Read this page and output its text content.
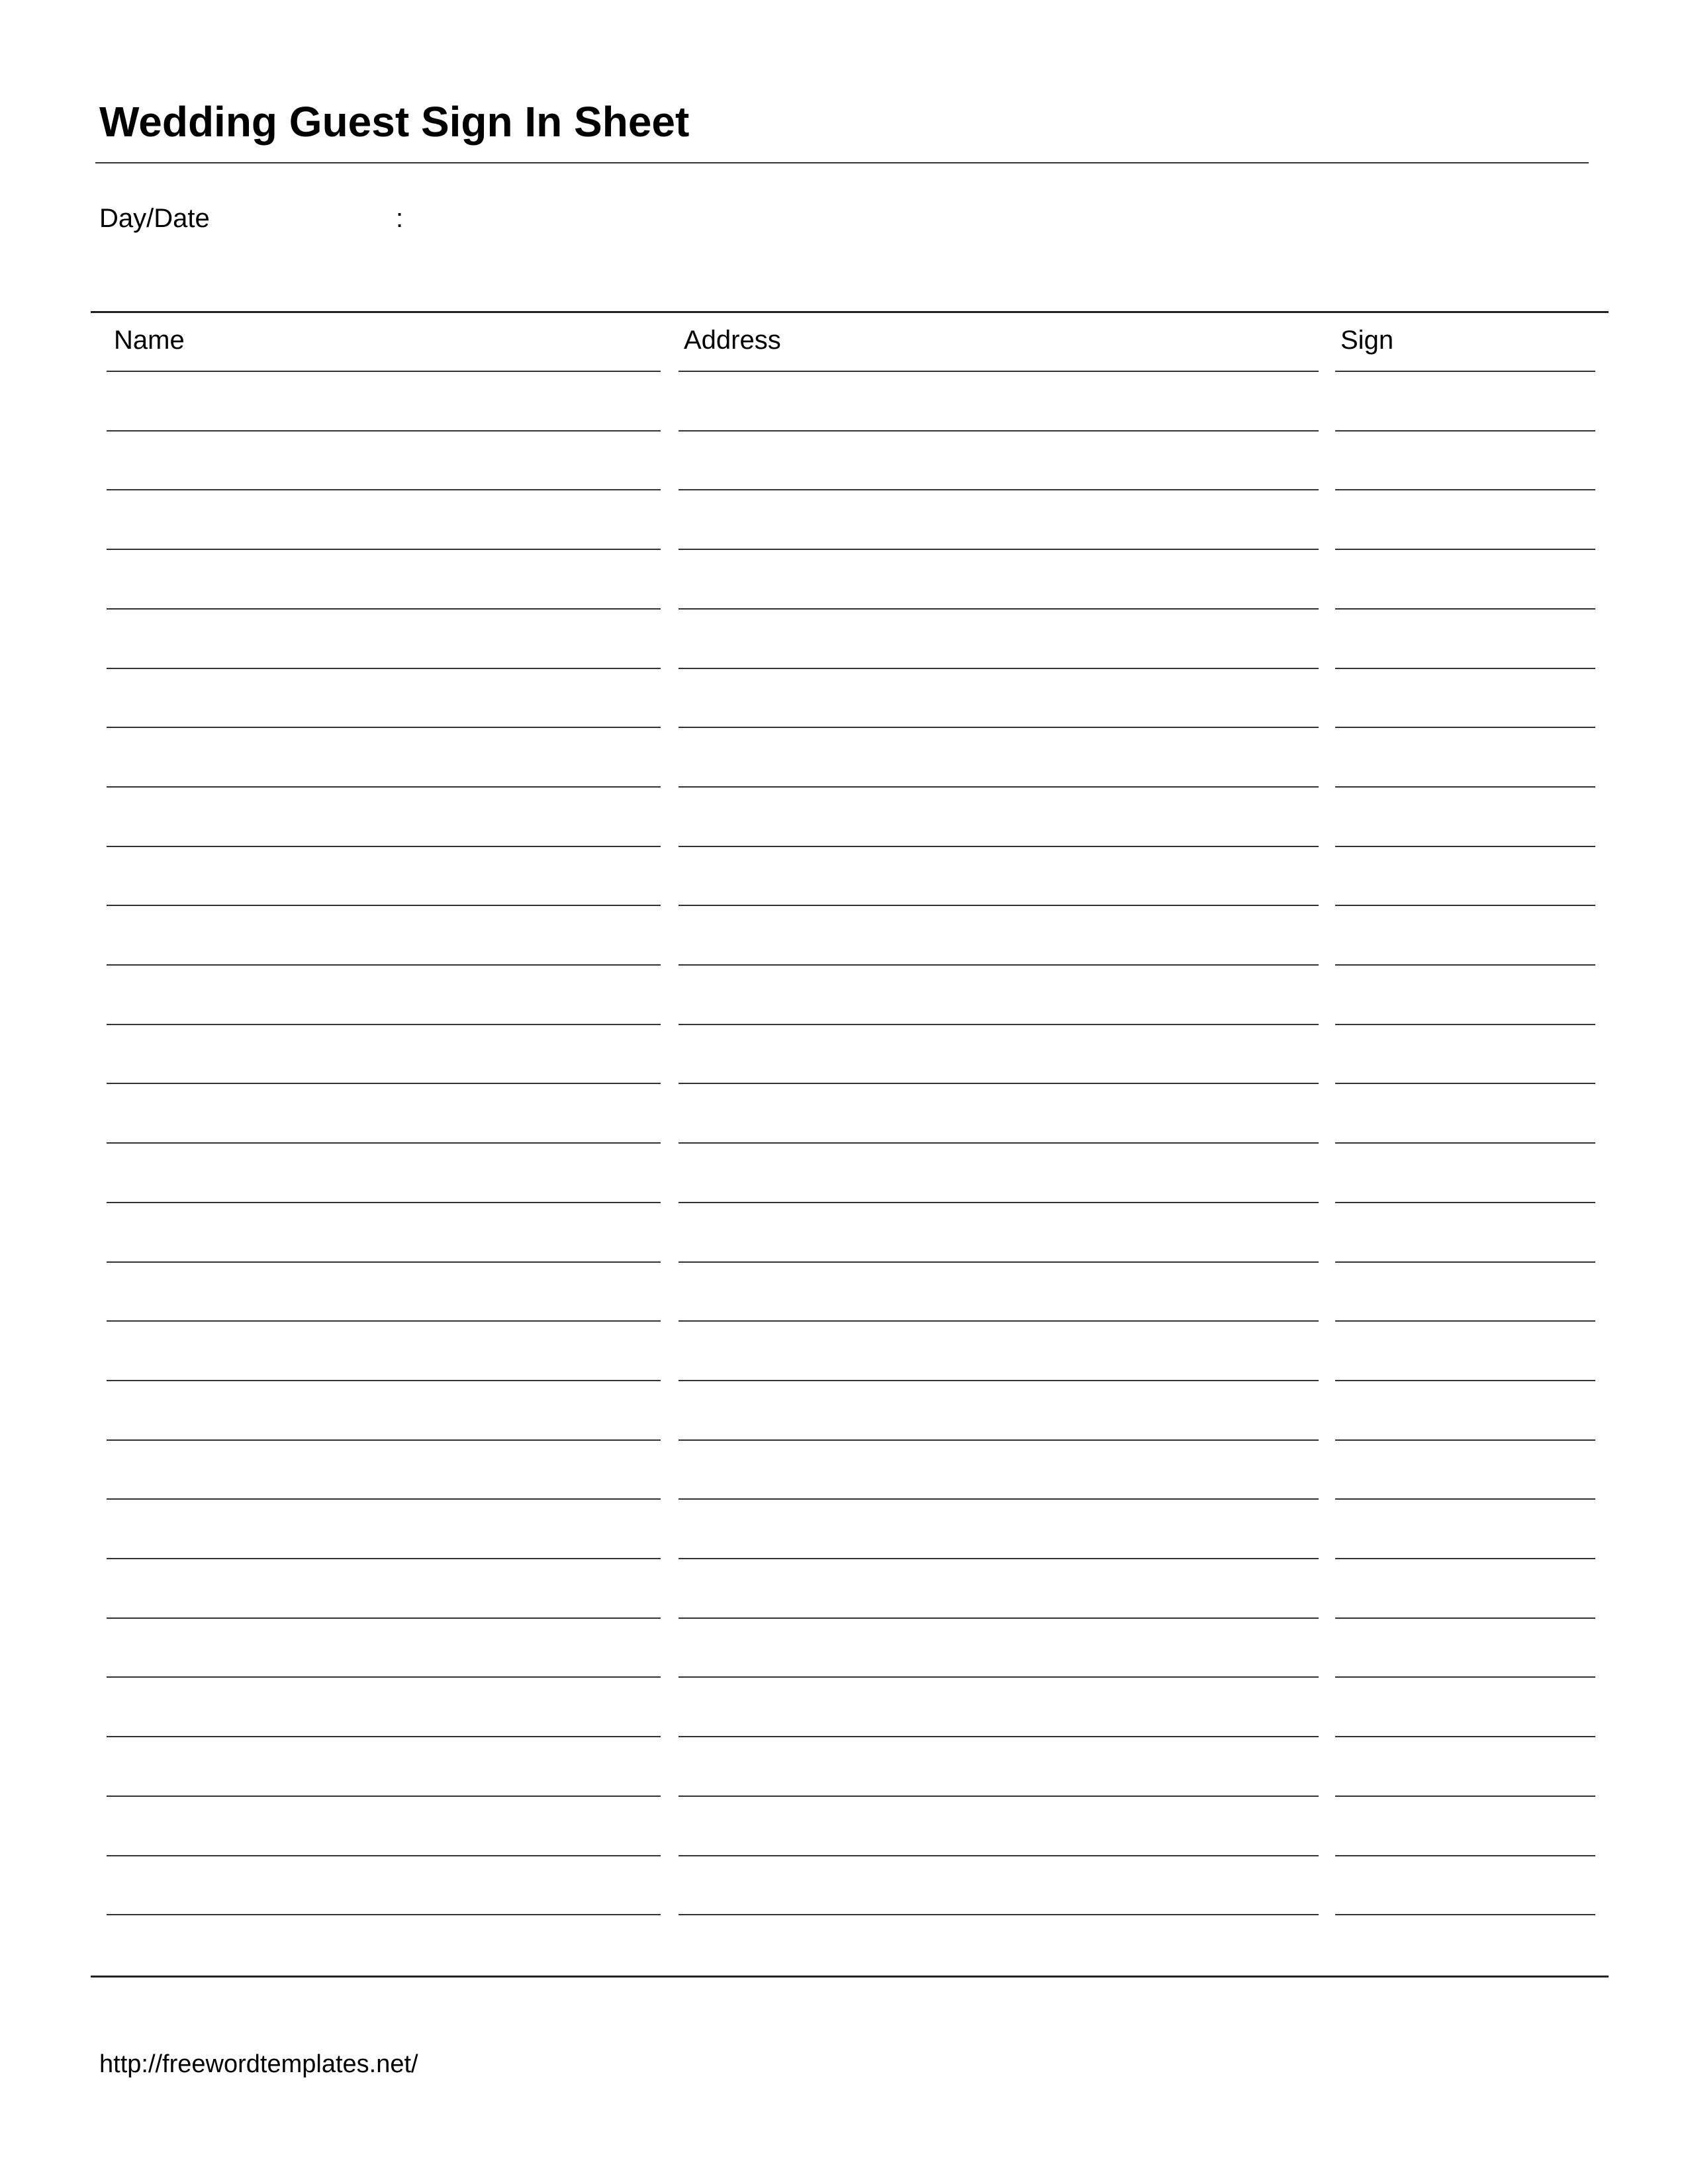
Wedding Guest Sign In Sheet
Day/Date	:
Name	Address	Sign
http://freewordtemplates.net/
